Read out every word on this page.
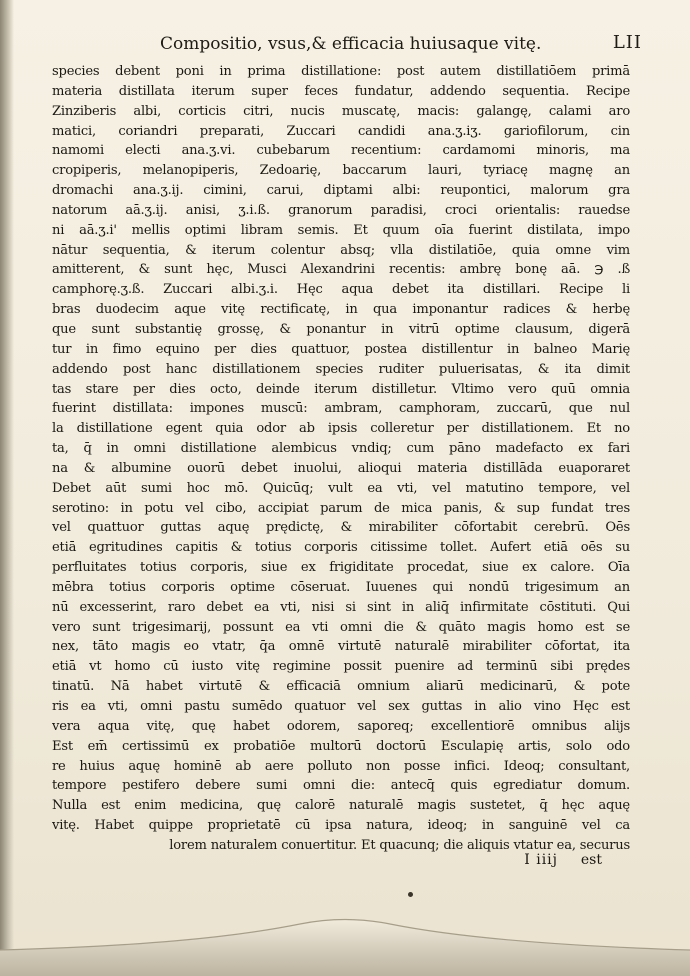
Compositio, vsus,& efficacia huiusaque vitę.	LII
species debent poni in prima distillatione: post autem distillatiōem primā
materia distillata iterum super feces fundatur, addendo sequentia. Recipe
Zinziberis albi, corticis citri, nucis muscatę, macis: galangę, calami aro
matici, coriandri preparati, Zuccari candidi ana.ʒ.iʒ. gariofilorum, cin
namomi electi ana.ʒ.vi. cubebarum recentium: cardamomi minoris, ma
cropiperis, melanopiperis, Zedoarię, baccarum lauri, tyriacę magnę an
dromachi ana.ʒ.ij. cimini, carui, diptami albi: reupontici, malorum gra
natorum aā.ʒ.ij. anisi, ʒ.i.ß. granorum paradisi, croci orientalis: rauedse
ni aā.ʒ.i' mellis optimi libram semis. Et quum oīa fuerint distilata, impo
nātur sequentia, & iterum colentur absq; vlla distilatiōe, quia omne vim
amitterent, & sunt hęc, Musci Alexandrini recentis: ambrę bonę aā. ℈ .ß
camphorę.ʒ.ß. Zuccari albi.ʒ.i. Hęc aqua debet ita distillari. Recipe li
bras duodecim aque vitę rectificatę, in qua imponantur radices & herbę
que sunt substantię grossę, & ponantur in vitrū optime clausum, digerā
tur in fimo equino per dies quattuor, postea distillentur in balneo Marię
addendo post hanc distillationem species ruditer puluerisatas, & ita dimit
tas stare per dies octo, deinde iterum distilletur. Vltimo vero quū omnia
fuerint distillata: impones muscū: ambram, camphoram, zuccarū, que nul
la distillatione egent quia odor ab ipsis colleretur per distillationem. Et no
ta, q̄ in omni distillatione alembicus vndiq; cum pāno madefacto ex fari
na & albumine ouorū debet inuolui, alioqui materia distillāda euaporaret
Debet aūt sumi hoc mō. Quicūq; vult ea vti, vel matutino tempore, vel
serotino: in potu vel cibo, accipiat parum de mica panis, & sup fundat tres
vel quattuor guttas aquę prędictę, & mirabiliter cōfortabit cerebrū. Oēs
etiā egritudines capitis & totius corporis citissime tollet. Aufert etiā oēs su
perfluitates totius corporis, siue ex frigiditate procedat, siue ex calore. Oīa
mēbra totius corporis optime cōseruat. Iuuenes qui nondū trigesimum an
nū excesserint, raro debet ea vti, nisi si sint in aliq̄ infirmitate cōstituti. Qui
vero sunt trigesimarij, possunt ea vti omni die & quāto magis homo est se
nex, tāto magis eo vtatr, q̄a omnē virtutē naturalē mirabiliter cōfortat, ita
etiā vt homo cū iusto vitę regimine possit puenire ad terminū sibi prędes
tinatū. Nā habet virtutē & efficaciā omnium aliarū medicinarū, & pote
ris ea vti, omni pastu sumēdo quatuor vel sex guttas in alio vino Hęc est
vera aqua vitę, quę habet odorem, saporeq; excellentiorē omnibus alijs
Est em̄ certissimū ex probatiōe multorū doctorū Esculapię artis, solo odo
re huius aquę hominē ab aere polluto non posse infici. Ideoq; consultant,
tempore pestifero debere sumi omni die: antecq̄ quis egrediatur domum.
Nulla est enim medicina, quę calorē naturalē magis sustetet, q̄ hęc aquę
vitę. Habet quippe proprietatē cū ipsa natura, ideoq; in sanguinē vel ca
lorem naturalem conuertitur. Et quacunq; die aliquis vtatur ea, securus
I iiij est
